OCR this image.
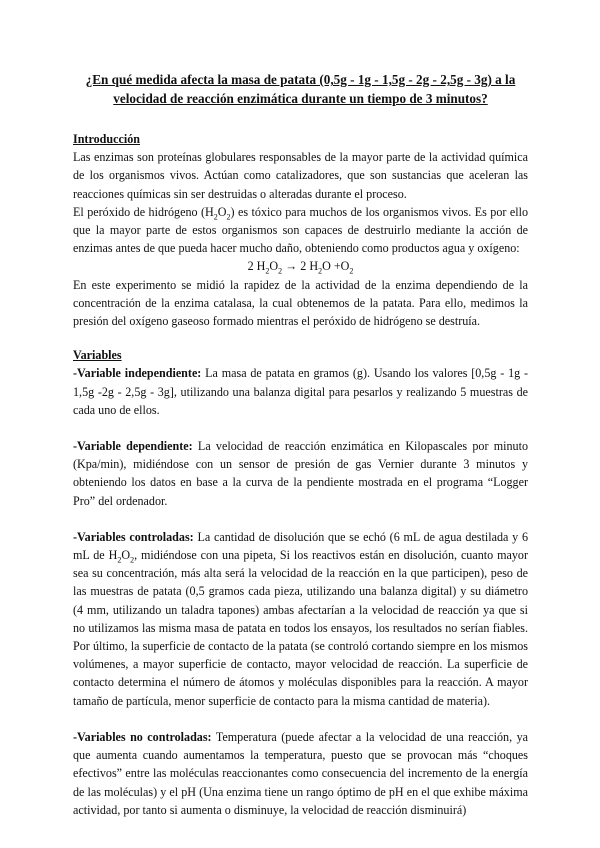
¿En qué medida afecta la masa de patata (0,5g - 1g - 1,5g - 2g - 2,5g - 3g) a la velocidad de reacción enzimática durante un tiempo de 3 minutos?
Introducción

Las enzimas son proteínas globulares responsables de la mayor parte de la actividad química de los organismos vivos. Actúan como catalizadores, que son sustancias que aceleran las reacciones químicas sin ser destruidas o alteradas durante el proceso.

El peróxido de hidrógeno $(H_2O_2)$ es tóxico para muchos de los organismos vivos. Es por ello que la mayor parte de estos organismos son capaces de destruirlo mediante la acción de enzimas antes de que pueda hacer mucho daño, obteniendo como productos agua y oxígeno:

2 $H_2O_2 \to 2$ $H_2O +O_2$

En este experimento se midió la rapidez de la actividad de la enzima dependiendo de la concentración de la enzima catalasa, la cual obtenemos de la patata. Para ello, medimos la presión del oxígeno gaseoso formado mientras el peróxido de hidrógeno se destruía.

Variables

-Variable independiente: La masa de patata en gramos (g). Usando los valores [0,5g - 1g - 1,5g -2g - 2,5g - 3g], utilizando una balanza digital para pesarlos y realizando 5 muestras de cada uno de ellos.

-Variable dependiente: La velocidad de reacción enzimática en Kilopascales por minuto (Kpa/min), midiéndose con un sensor de presión de gas Vernier durante 3 minutos y obteniendo los datos en base a la curva de la pendiente mostrada en el programa “Logger Pro” del ordenador.

-Variables controladas: La cantidad de disolución que se echó (6 mL de agua destilada y 6 mL de $H_2O_2$, midiéndose con una pipeta, Si los reactivos están en disolución, cuanto mayor sea su concentración, más alta será la velocidad de la reacción en la que participen), peso de las muestras de patata (0,5 gramos cada pieza, utilizando una balanza digital) y su diámetro (4 mm, utilizando un taladra tapones) ambas afectarían a la velocidad de reacción ya que si no utilizamos las misma masa de patata en todos los ensayos, los resultados no serían fiables. Por último, la superficie de contacto de la patata (se controló cortando siempre en los mismos volúmenes, a mayor superficie de contacto, mayor velocidad de reacción. La superficie de contacto determina el número de átomos y moléculas disponibles para la reacción. A mayor tamaño de partícula, menor superficie de contacto para la misma cantidad de materia).

-Variables no controladas: Temperatura (puede afectar a la velocidad de una reacción, ya que aumenta cuando aumentamos la temperatura, puesto que se provocan más “choques efectivos” entre las moléculas reaccionantes como consecuencia del incremento de la energía de las moléculas) y el pH (Una enzima tiene un rango óptimo de pH en el que exhibe máxima actividad, por tanto si aumenta o disminuye, la velocidad de reacción disminuirá)
